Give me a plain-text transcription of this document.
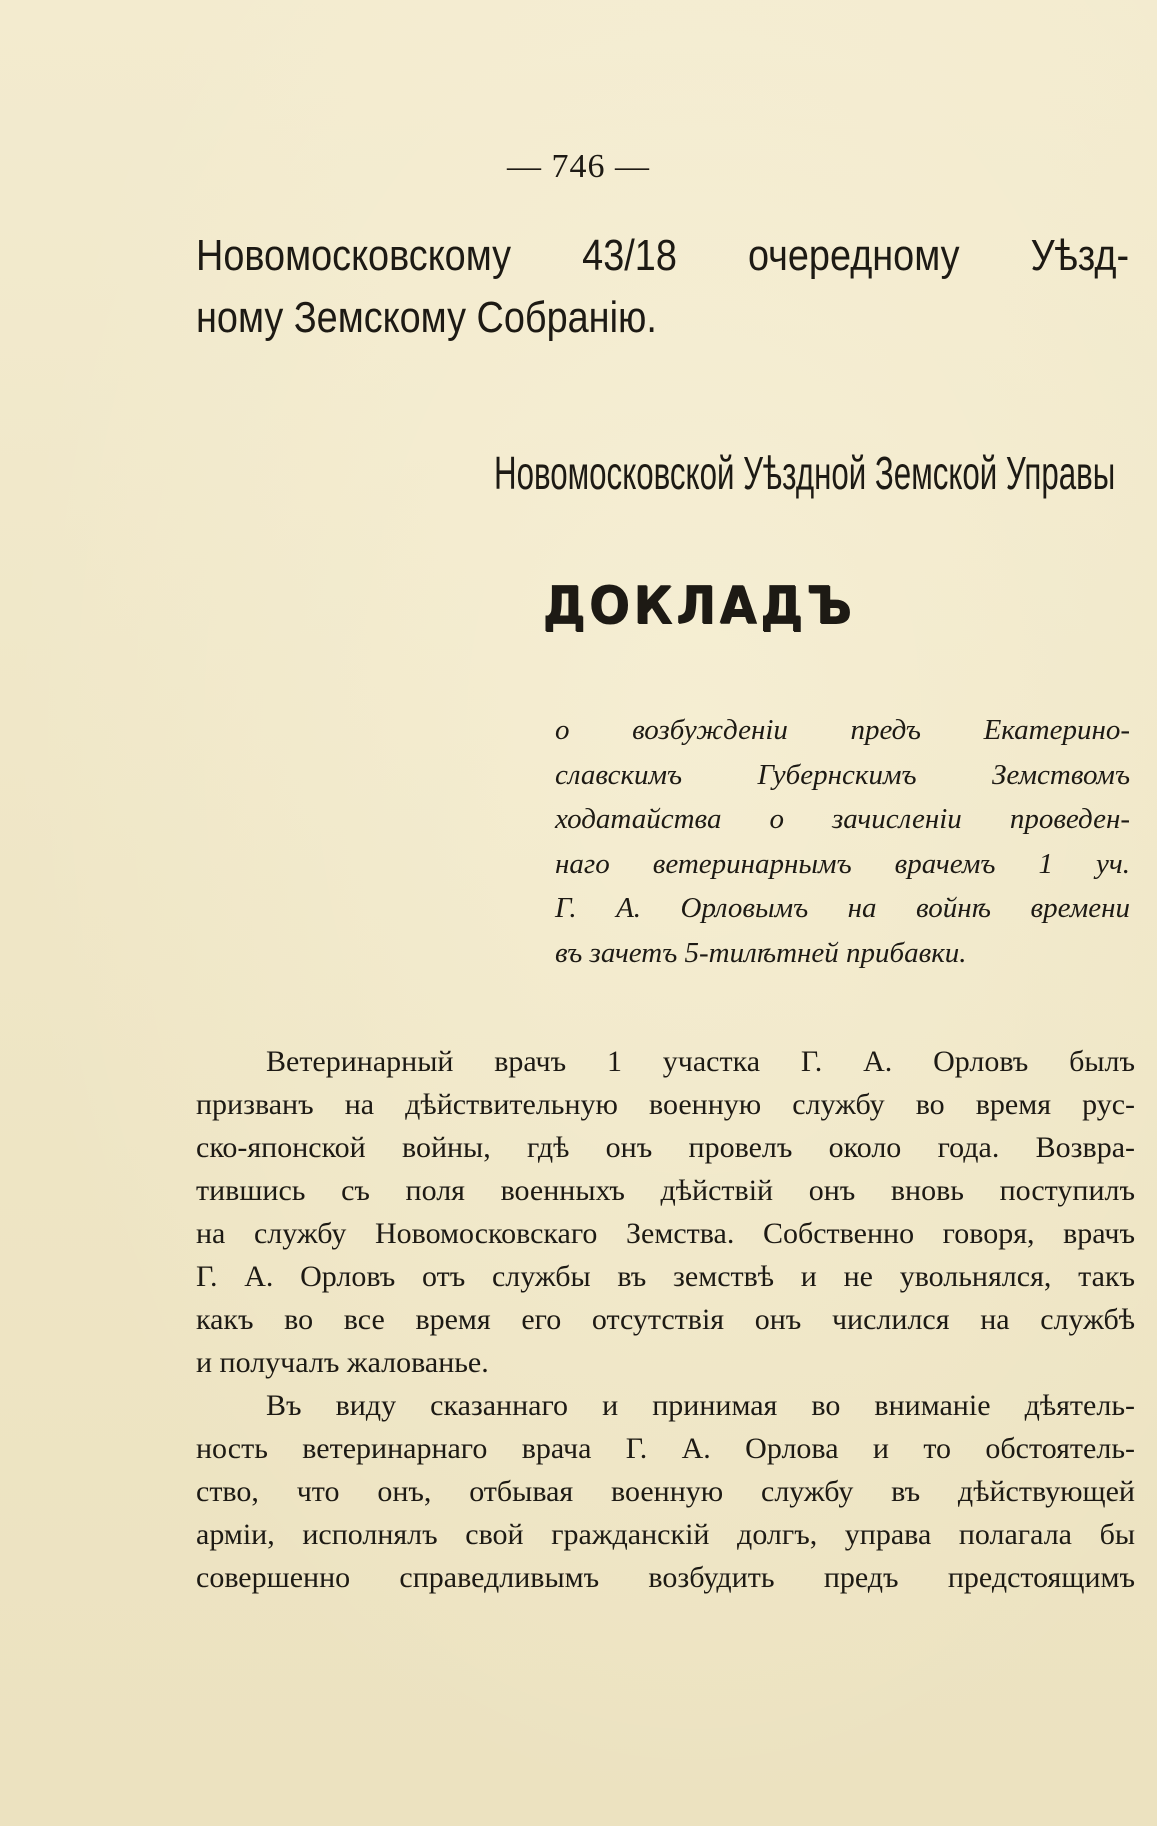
— 746 —
Новомосковскому 43/18 очередному Уѣзд-
ному Земскому Собранію.
Новомосковской Уѣздной Земской Управы
ДОКЛАДЪ
о возбужденіи предъ Екатерино-
славскимъ Губернскимъ Земствомъ
ходатайства о зачисленіи проведен-
наго ветеринарнымъ врачемъ 1 уч.
Г. А. Орловымъ на войнѣ времени
въ зачетъ 5-тилѣтней прибавки.
Ветеринарный врачъ 1 участка Г. А. Орловъ былъ
призванъ на дѣйствительную военную службу во время рус-
ско-японской войны, гдѣ онъ провелъ около года. Возвра-
тившись съ поля военныхъ дѣйствій онъ вновь поступилъ
на службу Новомосковскаго Земства. Собственно говоря, врачъ
Г. А. Орловъ отъ службы въ земствѣ и не увольнялся, такъ
какъ во все время его отсутствія онъ числился на службѣ
и получалъ жалованье.
Въ виду сказаннаго и принимая во вниманіе дѣятель-
ность ветеринарнаго врача Г. А. Орлова и то обстоятель-
ство, что онъ, отбывая военную службу въ дѣйствующей
арміи, исполнялъ свой гражданскій долгъ, управа полагала бы
совершенно справедливымъ возбудить предъ предстоящимъ
